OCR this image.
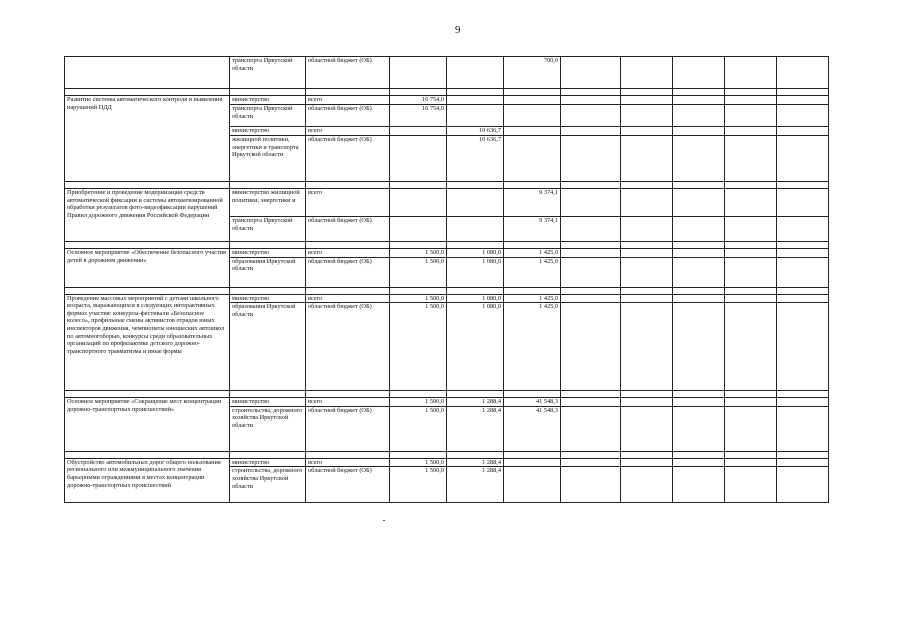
9
	транспорта Иркутской области	областной бюджет (ОБ)			700,0					

Развитие системы автоматического контроля и выявления нарушений ПДД	министерство	всего	16 754,0							
	транспорта Иркутской области	областной бюджет (ОБ)	16 754,0							
	министерство	всего		10 636,7						
	жилищной политики, энергетики и транспорта Иркутской области	областной бюджет (ОБ)		10 636,7						

Приобретение и проведение модернизации средств автоматической фиксации и системы автоматизированной обработки результатов фото-видеофиксации нарушений Правил дорожного движения Российской Федерации	министерство жилищной политики, энергетики и	всего			9 374,1					
	транспорта Иркутской области	областной бюджет (ОБ)			9 374,1					

Основное мероприятие «Обеспечение безопасного участия детей в дорожном движении»	министерство	всего	1 500,0	1 080,0	1 425,0					
	образования Иркутской области	областной бюджет (ОБ)	1 500,0	1 080,0	1 425,0					

Проведение массовых мероприятий с детьми школьного возраста, выражающихся в следующих интерактивных формах участия: конкурсы-фестивали «Безопасное колесо», профильные смены активистов отрядов юных инспекторов движения, чемпионаты юношеских автошкол по автомногоборью, конкурсы среди образовательных организаций по профилактике детского дорожно-транспортного травматизма и иные формы	министерство	всего	1 500,0	1 080,0	1 425,0					
	образования Иркутской области	областной бюджет (ОБ)	1 500,0	1 080,0	1 425,0					

Основное мероприятие «Сокращение мест концентрации дорожно-транспортных происшествий»	министерство	всего	1 500,0	1 288,4	41 548,3					
	строительства, дорожного хозяйства Иркутской области	областной бюджет (ОБ)	1 500,0	1 288,4	41 548,3					

Обустройство автомобильных дорог общего пользования регионального или межмуниципального значения барьерными ограждениями в местах концентрации дорожно-транспортных происшествий	министерство	всего	1 500,0	1 288,4						
	строительства, дорожного хозяйства Иркутской области	областной бюджет (ОБ)	1 500,0	1 288,4						
